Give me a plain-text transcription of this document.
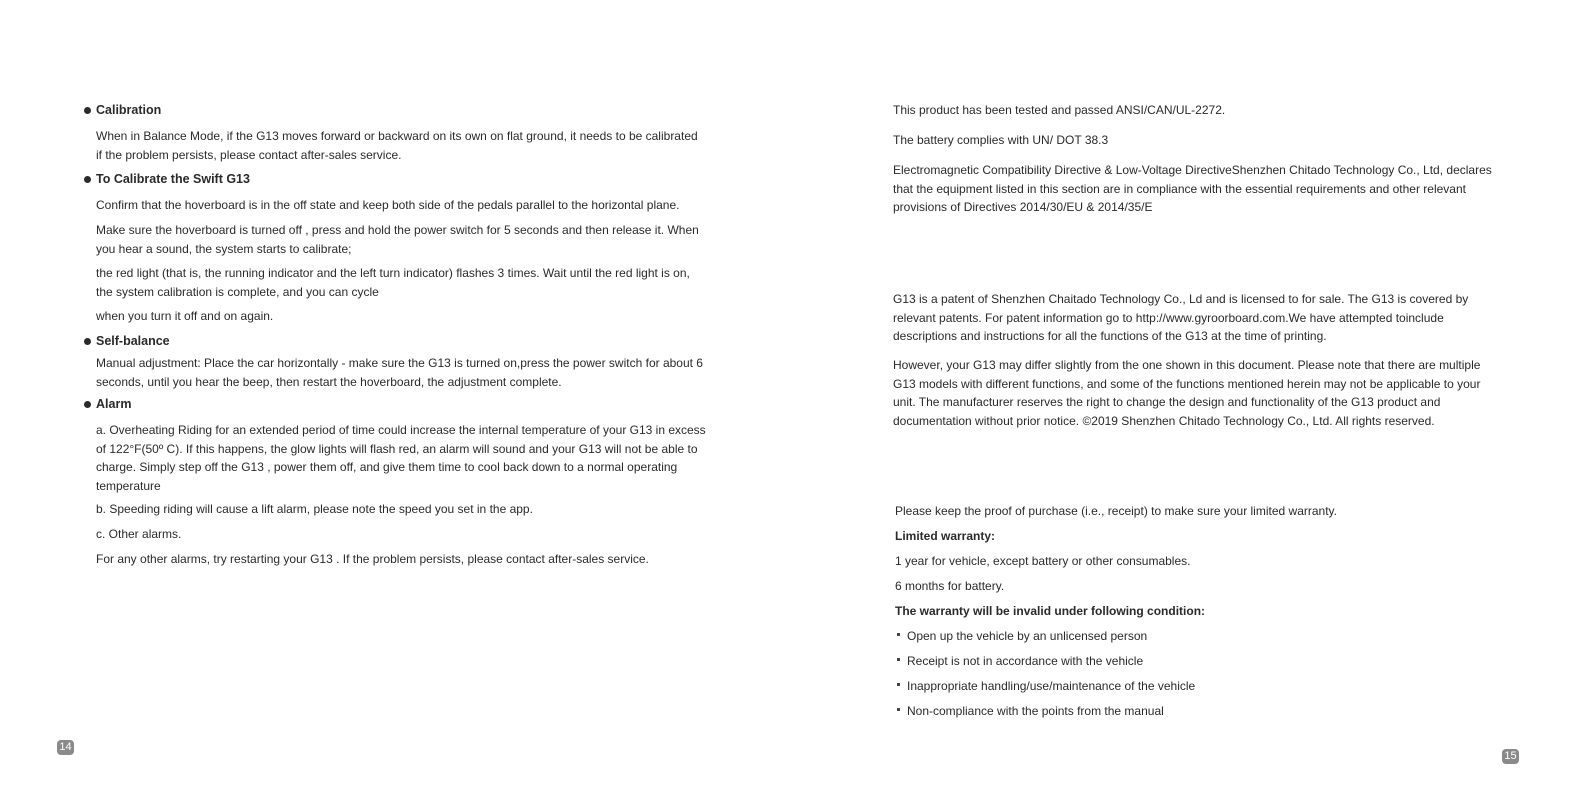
Calibration

When in Balance Mode, if the G13 moves forward or backward on its own on flat ground, it needs to be calibrated if the problem persists, please contact after-sales service.

To Calibrate the Swift G13

Confirm that the hoverboard is in the off state and keep both side of the pedals parallel to the horizontal plane.

Make sure the hoverboard is turned off , press and hold the power switch for 5 seconds and then release it. When you hear a sound, the system starts to calibrate;

the red light (that is, the running indicator and the left turn indicator) flashes 3 times. Wait until the red light is on, the system calibration is complete, and you can cycle

when you turn it off and on again.

Self-balance

Manual adjustment: Place the car horizontally - make sure the G13 is turned on,press the power switch for about 6 seconds, until you hear the beep, then restart the hoverboard, the adjustment complete.

Alarm

a. Overheating Riding for an extended period of time could increase the internal temperature of your G13 in excess of 122°F(50º C). If this happens, the glow lights will flash red, an alarm will sound and your G13 will not be able to charge. Simply step off the G13 , power them off, and give them time to cool back down to a normal operating temperature

b. Speeding riding will cause a lift alarm, please note the speed you set in the app.

c. Other alarms.

For any other alarms, try restarting your G13 . If the problem persists, please contact after-sales service.

14

This product has been tested and passed ANSI/CAN/UL-2272.

The battery complies with UN/ DOT 38.3

Electromagnetic Compatibility Directive & Low-Voltage DirectiveShenzhen Chitado Technology Co., Ltd, declares that the equipment listed in this section are in compliance with the essential requirements and other relevant provisions of Directives 2014/30/EU & 2014/35/E

G13 is a patent of Shenzhen Chaitado Technology Co., Ld and is licensed to for sale. The G13 is covered by relevant patents. For patent information go to http://www.gyroorboard.com.We have attempted toinclude descriptions and instructions for all the functions of the G13 at the time of printing.

However, your G13 may differ slightly from the one shown in this document. Please note that there are multiple G13 models with different functions, and some of the functions mentioned herein may not be applicable to your unit. The manufacturer reserves the right to change the design and functionality of the G13 product and documentation without prior notice. ©2019 Shenzhen Chitado Technology Co., Ltd. All rights reserved.

Please keep the proof of purchase (i.e., receipt) to make sure your limited warranty.

Limited warranty:

1 year for vehicle, except battery or other consumables.

6 months for battery.

The warranty will be invalid under following condition:

Open up the vehicle by an unlicensed person
Receipt is not in accordance with the vehicle
Inappropriate handling/use/maintenance of the vehicle
Non-compliance with the points from the manual
15
